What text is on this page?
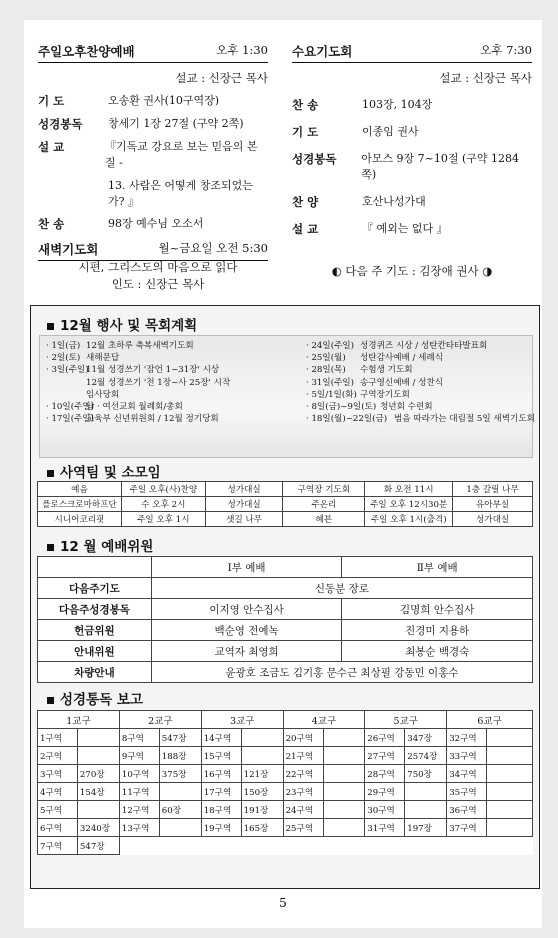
주일오후찬양예배	오후 1:30
설교 : 신장근 목사
기 도	오송환 권사(10구역장)
성경봉독	창세기 1장 27절 (구약 2쪽)
설 교	『기독교 강요로 보는 믿음의 본질 -
13. 사람은 어떻게 창조되었는가? 』
찬 송	98장 예수님 오소서
새벽기도회	월~금요일 오전 5:30
시편, 그리스도의 마음으로 읽다
인도 : 신장근 목사
수요기도회	오후 7:30
설교 : 신장근 목사
찬 송	103장, 104장
기 도	이종임 권사
성경봉독	아모스 9장 7~10절 (구약 1284쪽)
찬 양	호산나성가대
설 교	『 예외는 없다 』
◐ 다음 주 기도 : 김장애 권사 ◑
12월 행사 및 목회계획
· 1일(금) 12월 초하루 축복새벽기도회
· 2일(토) 새해문답
· 3일(주일)
11월 성경쓰기 '잠언 1~31장' 시상
12월 성경쓰기 '전 1장~사 25장' 시작
임사당회
· 10일(주일)
남 · 여선교회 월례회/총회
· 17일(주일)
교육부 신년위원회 / 12월 정기당회
· 24일(주일) 성경퀴즈 시상 / 성탄칸타타발표회
· 25일(월)	성탄감사예배 / 세례식
· 28일(목)	수험생 기도회
· 31일(주일) 송구영신예배 / 성찬식
· 5일/1일(화) 구역장기도회
· 8일(금)~9일(토) 청년회 수련회
· 18일(월)~22일(금) 범음 따라가는 대림절 5일 새벽기도회
사역팀 및 소모임
예음	주일 오후(사)찬양	성가대실	구역장 기도회	화 오전 11시	1층 갈릴 나무
플로스크로마하프단	수 오후 2시	성가대실	주온리	주일 오후 12시30분	유아부실
시니어코리핏	주일 오후 1시	샛길 나무	혜븐	주일 오후 1시(출격)	성가대실
12 월 예배위원
	Ⅰ부 예배	Ⅱ부 예배
다음주기도	신동분 장로	
다음주성경봉독	이지영 안수집사	김명희 안수집사
헌금위원	백순영 전예녹	진경미 지용하
안내위원	교역자 최영희	최봉순 백경숙
차량안내	윤광호 조금도 김기홍 문수근 최상필 강동민 이홍수	
성경통독 보고
1교구		2교구		3교구		4교구		5교구		6교구	
1구역		8구역	547장	14구역		20구역		26구역	347장	32구역	
2구역		9구역	188장	15구역		21구역		27구역	2574장	33구역	
3구역	270장	10구역	375장	16구역	121장	22구역		28구역	750장	34구역	
4구역	154장	11구역		17구역	150장	23구역		29구역		35구역	
5구역		12구역	60장	18구역	191장	24구역		30구역		36구역	
6구역	3240장	13구역		19구역	165장	25구역		31구역	197장	37구역	
7구역	547장										
5
